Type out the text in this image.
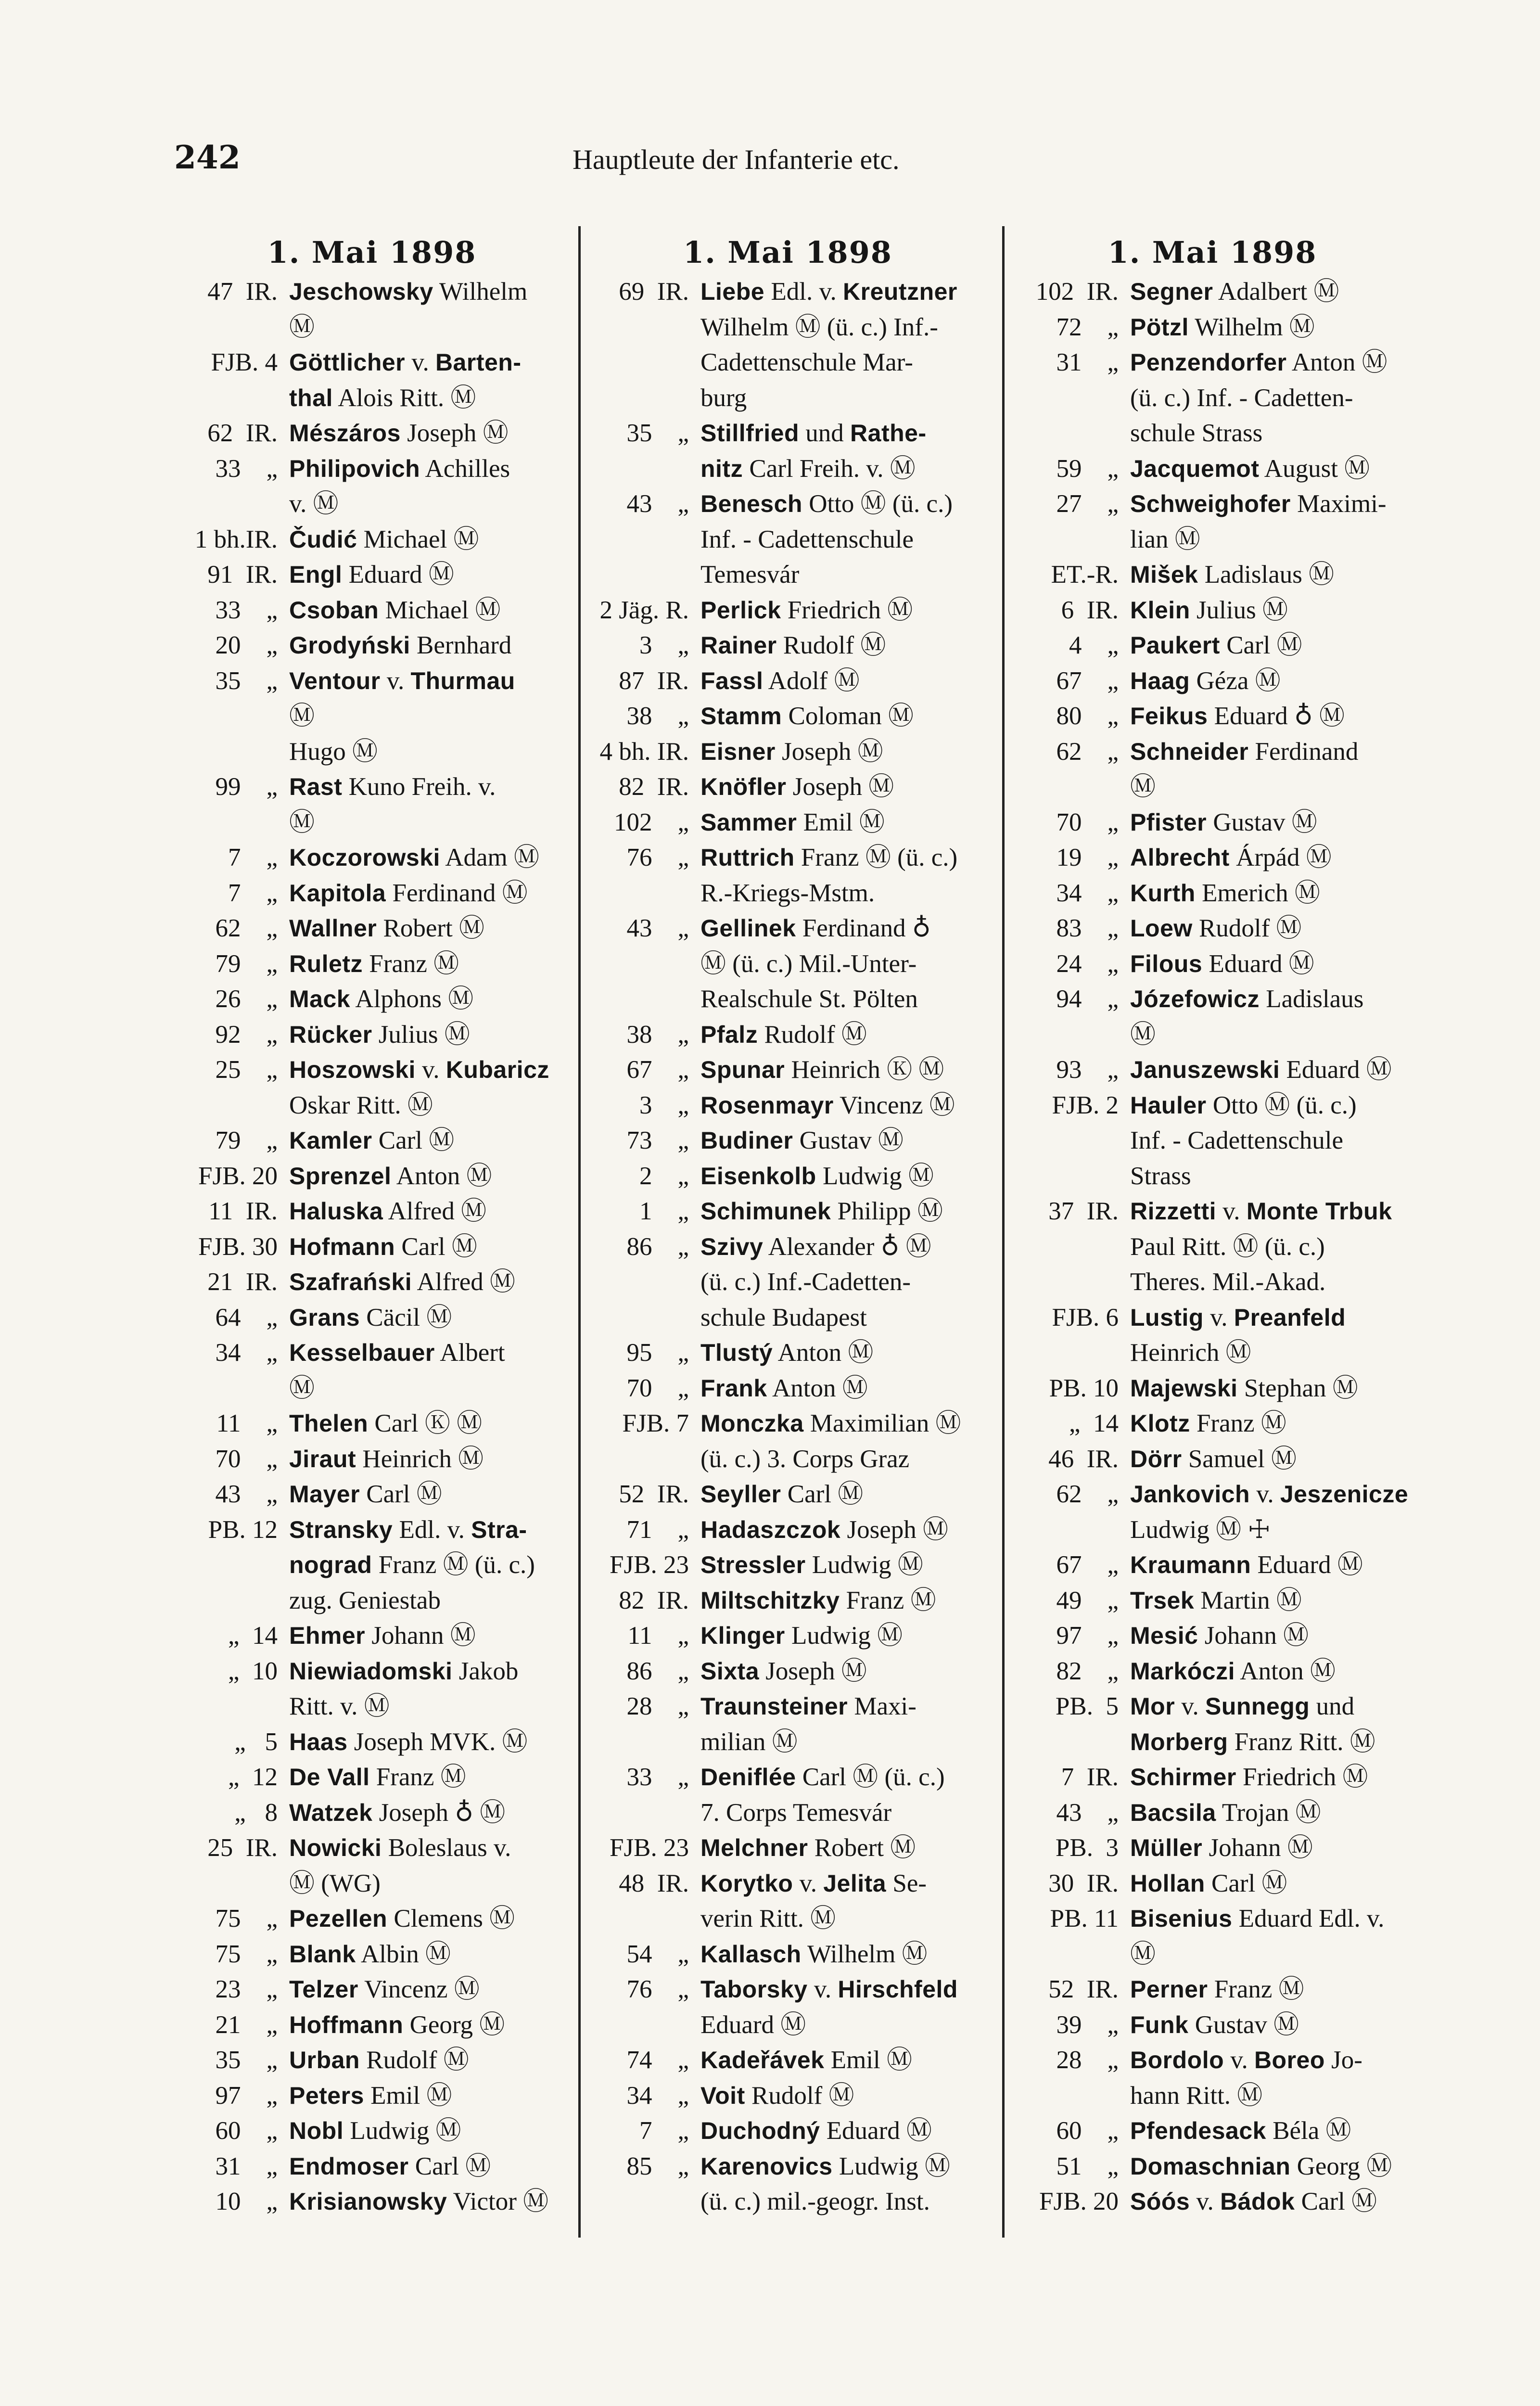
242	Hauptleute der Infanterie etc.
1. Mai 1898
47  IR. Jeschowsky Wilhelm
Ⓜ
FJB. 4 Göttlicher v. Barten-
thal Alois Ritt. Ⓜ
62  IR. Mészáros Joseph Ⓜ
33    „ Philipovich Achilles
v. Ⓜ
1 bh.IR. Čudić Michael Ⓜ
91  IR. Engl Eduard Ⓜ
33    „ Csoban Michael Ⓜ
20    „ Grodyński Bernhard
35    „ Ventour v. Thurmau
Ⓜ
Hugo Ⓜ
99    „ Rast Kuno Freih. v.
Ⓜ
7    „ Koczorowski Adam Ⓜ
7    „ Kapitola Ferdinand Ⓜ
62    „ Wallner Robert Ⓜ
79    „ Ruletz Franz Ⓜ
26    „ Mack Alphons Ⓜ
92    „ Rücker Julius Ⓜ
25    „ Hoszowski v. Kubaricz
Oskar Ritt. Ⓜ
79    „ Kamler Carl Ⓜ
FJB. 20 Sprenzel Anton Ⓜ
11  IR. Haluska Alfred Ⓜ
FJB. 30 Hofmann Carl Ⓜ
21  IR. Szafrański Alfred Ⓜ
64    „ Grans Cäcil Ⓜ
34    „ Kesselbauer Albert
Ⓜ
11    „ Thelen Carl Ⓚ Ⓜ
70    „ Jiraut Heinrich Ⓜ
43    „ Mayer Carl Ⓜ
PB. 12 Stransky Edl. v. Stra-
nograd Franz Ⓜ (ü. c.)
zug. Geniestab
„  14 Ehmer Johann Ⓜ
„  10 Niewiadomski Jakob
Ritt. v. Ⓜ
„   5 Haas Joseph MVK. Ⓜ
„  12 De Vall Franz Ⓜ
„   8 Watzek Joseph ♁ Ⓜ
25  IR. Nowicki Boleslaus v.
Ⓜ (WG)
75    „ Pezellen Clemens Ⓜ
75    „ Blank Albin Ⓜ
23    „ Telzer Vincenz Ⓜ
21    „ Hoffmann Georg Ⓜ
35    „ Urban Rudolf Ⓜ
97    „ Peters Emil Ⓜ
60    „ Nobl Ludwig Ⓜ
31    „ Endmoser Carl Ⓜ
10    „ Krisianowsky Victor Ⓜ
1. Mai 1898
69  IR. Liebe Edl. v. Kreutzner
Wilhelm Ⓜ (ü. c.) Inf.-
Cadettenschule Mar-
burg
35    „ Stillfried und Rathe-
nitz Carl Freih. v. Ⓜ
43    „ Benesch Otto Ⓜ (ü. c.)
Inf. - Cadettenschule
Temesvár
2 Jäg. R. Perlick Friedrich Ⓜ
3    „ Rainer Rudolf Ⓜ
87  IR. Fassl Adolf Ⓜ
38    „ Stamm Coloman Ⓜ
4 bh. IR. Eisner Joseph Ⓜ
82  IR. Knöfler Joseph Ⓜ
102    „ Sammer Emil Ⓜ
76    „ Ruttrich Franz Ⓜ (ü. c.)
R.-Kriegs-Mstm.
43    „ Gellinek Ferdinand ♁
Ⓜ (ü. c.) Mil.-Unter-
Realschule St. Pölten
38    „ Pfalz Rudolf Ⓜ
67    „ Spunar Heinrich Ⓚ Ⓜ
3    „ Rosenmayr Vincenz Ⓜ
73    „ Budiner Gustav Ⓜ
2    „ Eisenkolb Ludwig Ⓜ
1    „ Schimunek Philipp Ⓜ
86    „ Szivy Alexander ♁ Ⓜ
(ü. c.) Inf.-Cadetten-
schule Budapest
95    „ Tlustý Anton Ⓜ
70    „ Frank Anton Ⓜ
FJB. 7 Monczka Maximilian Ⓜ
(ü. c.) 3. Corps Graz
52  IR. Seyller Carl Ⓜ
71    „ Hadaszczok Joseph Ⓜ
FJB. 23 Stressler Ludwig Ⓜ
82  IR. Miltschitzky Franz Ⓜ
11    „ Klinger Ludwig Ⓜ
86    „ Sixta Joseph Ⓜ
28    „ Traunsteiner Maxi-
milian Ⓜ
33    „ Deniflée Carl Ⓜ (ü. c.)
7. Corps Temesvár
FJB. 23 Melchner Robert Ⓜ
48  IR. Korytko v. Jelita Se-
verin Ritt. Ⓜ
54    „ Kallasch Wilhelm Ⓜ
76    „ Taborsky v. Hirschfeld
Eduard Ⓜ
74    „ Kadeřávek Emil Ⓜ
34    „ Voit Rudolf Ⓜ
7    „ Duchodný Eduard Ⓜ
85    „ Karenovics Ludwig Ⓜ
(ü. c.) mil.-geogr. Inst.
1. Mai 1898
102  IR. Segner Adalbert Ⓜ
72    „ Pötzl Wilhelm Ⓜ
31    „ Penzendorfer Anton Ⓜ
(ü. c.) Inf. - Cadetten-
schule Strass
59    „ Jacquemot August Ⓜ
27    „ Schweighofer Maximi-
lian Ⓜ
ET.-R. Mišek Ladislaus Ⓜ
6  IR. Klein Julius Ⓜ
4    „ Paukert Carl Ⓜ
67    „ Haag Géza Ⓜ
80    „ Feikus Eduard ♁ Ⓜ
62    „ Schneider Ferdinand
Ⓜ
70    „ Pfister Gustav Ⓜ
19    „ Albrecht Árpád Ⓜ
34    „ Kurth Emerich Ⓜ
83    „ Loew Rudolf Ⓜ
24    „ Filous Eduard Ⓜ
94    „ Józefowicz Ladislaus
Ⓜ
93    „ Januszewski Eduard Ⓜ
FJB. 2 Hauler Otto Ⓜ (ü. c.)
Inf. - Cadettenschule
Strass
37  IR. Rizzetti v. Monte Trbuk
Paul Ritt. Ⓜ (ü. c.)
Theres. Mil.-Akad.
FJB. 6 Lustig v. Preanfeld
Heinrich Ⓜ
PB. 10 Majewski Stephan Ⓜ
„  14 Klotz Franz Ⓜ
46  IR. Dörr Samuel Ⓜ
62    „ Jankovich v. Jeszenicze
Ludwig Ⓜ ☩
67    „ Kraumann Eduard Ⓜ
49    „ Trsek Martin Ⓜ
97    „ Mesić Johann Ⓜ
82    „ Markóczi Anton Ⓜ
PB.  5 Mor v. Sunnegg und
Morberg Franz Ritt. Ⓜ
7  IR. Schirmer Friedrich Ⓜ
43    „ Bacsila Trojan Ⓜ
PB.  3 Müller Johann Ⓜ
30  IR. Hollan Carl Ⓜ
PB. 11 Bisenius Eduard Edl. v.
Ⓜ
52  IR. Perner Franz Ⓜ
39    „ Funk Gustav Ⓜ
28    „ Bordolo v. Boreo Jo-
hann Ritt. Ⓜ
60    „ Pfendesack Béla Ⓜ
51    „ Domaschnian Georg Ⓜ
FJB. 20 Sóós v. Bádok Carl Ⓜ
